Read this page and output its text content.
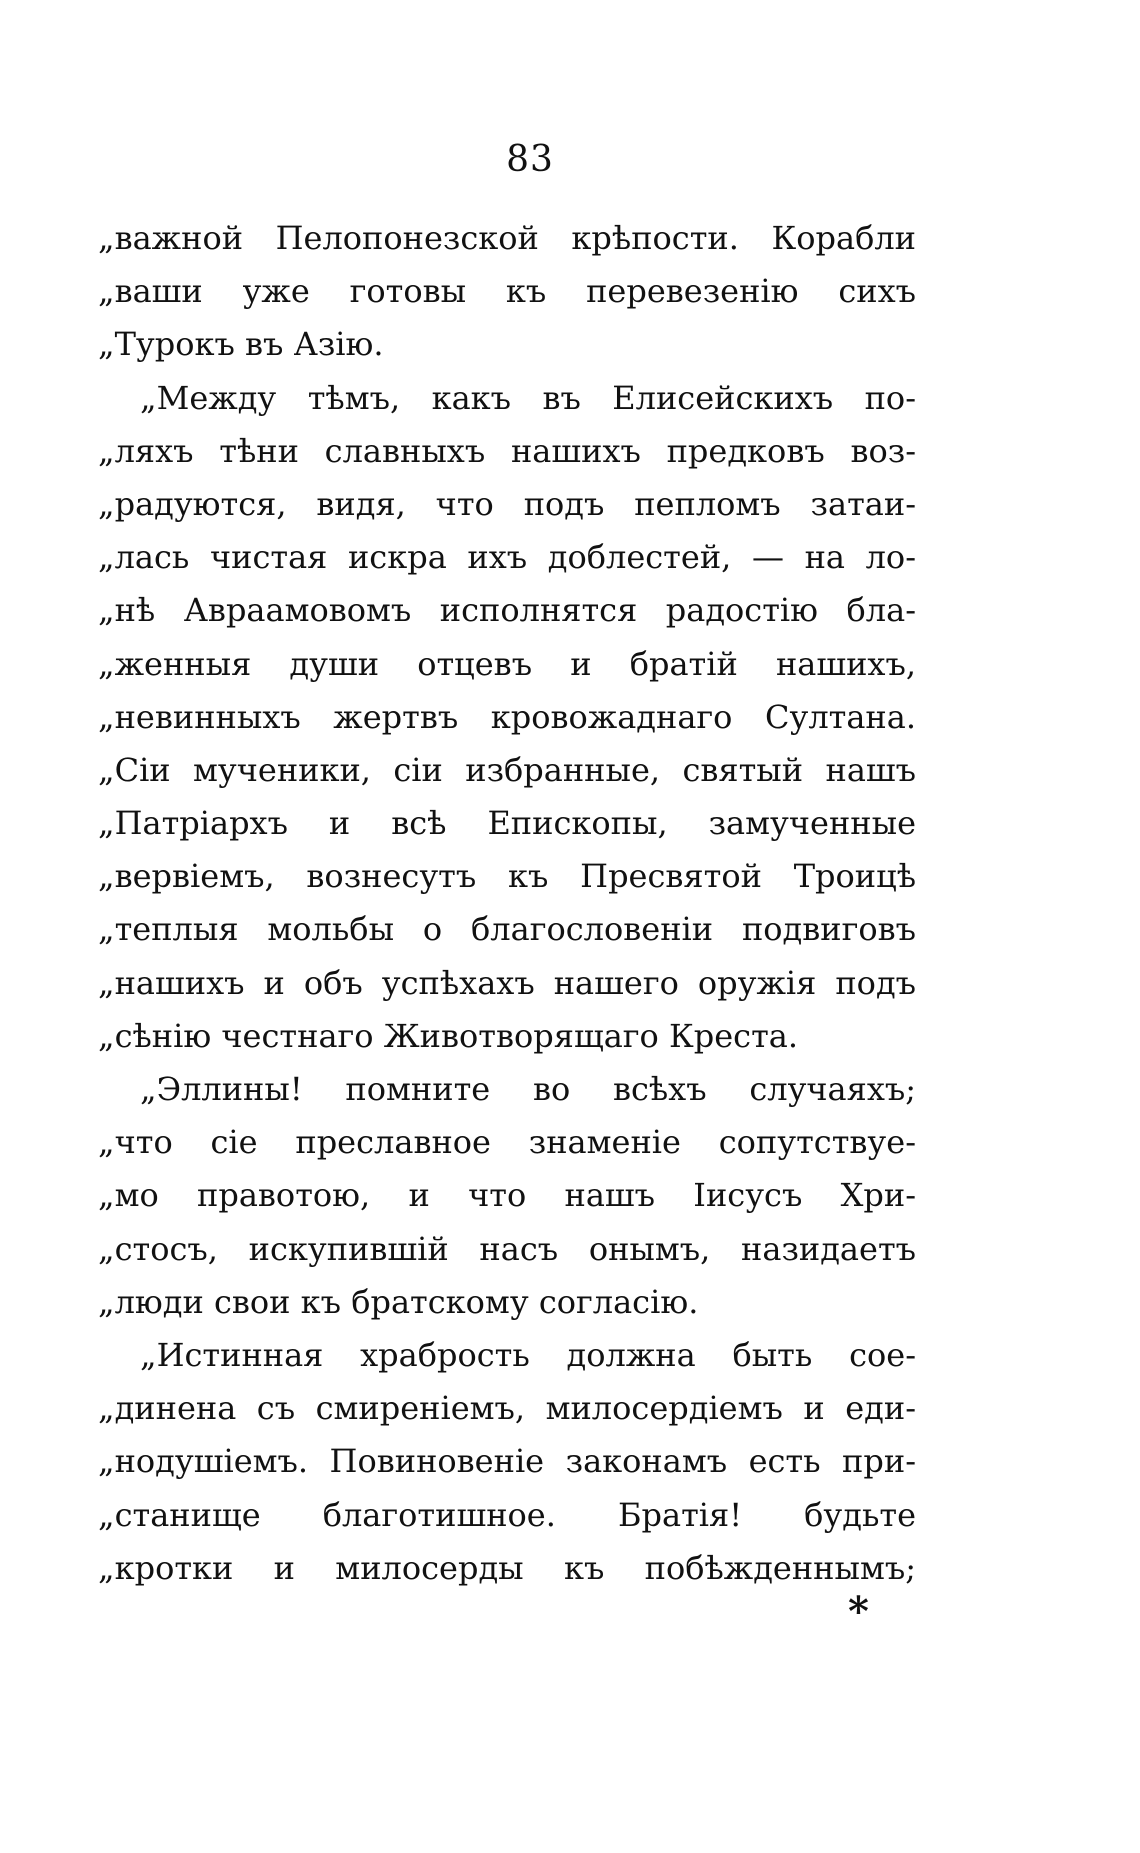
83
„важной Пелопонезской крѣпости. Корабли
„ваши уже готовы къ перевезенію сихъ
„Турокъ въ Азію.
„Между тѣмъ, какъ въ Елисейскихъ по-
„ляхъ тѣни славныхъ нашихъ предковъ воз-
„радуются, видя, что подъ пепломъ затаи-
„лась чистая искра ихъ доблестей, — на ло-
„нѣ Авраамовомъ исполнятся радостію бла-
„женныя души отцевъ и братій нашихъ,
„невинныхъ жертвъ кровожаднаго Султана.
„Сіи мученики, сіи избранные, святый нашъ
„Патріархъ и всѣ Епископы, замученные
„вервіемъ, вознесутъ къ Пресвятой Троицѣ
„теплыя мольбы о благословеніи подвиговъ
„нашихъ и объ успѣхахъ нашего оружія подъ
„сѣнію честнаго Животворящаго Креста.
„Эллины! помните во всѣхъ случаяхъ;
„что сіе преславное знаменіе сопутствуе-
„мо правотою, и что нашъ Іисусъ Хри-
„стосъ, искупившій насъ онымъ, назидаетъ
„люди свои къ братскому согласію.
„Истинная храбрость должна быть сое-
„динена съ смиреніемъ, милосердіемъ и еди-
„нодушіемъ. Повиновеніе законамъ есть при-
„станище благотишное. Братія! будьте
„кротки и милосерды къ побѣжденнымъ;
*
